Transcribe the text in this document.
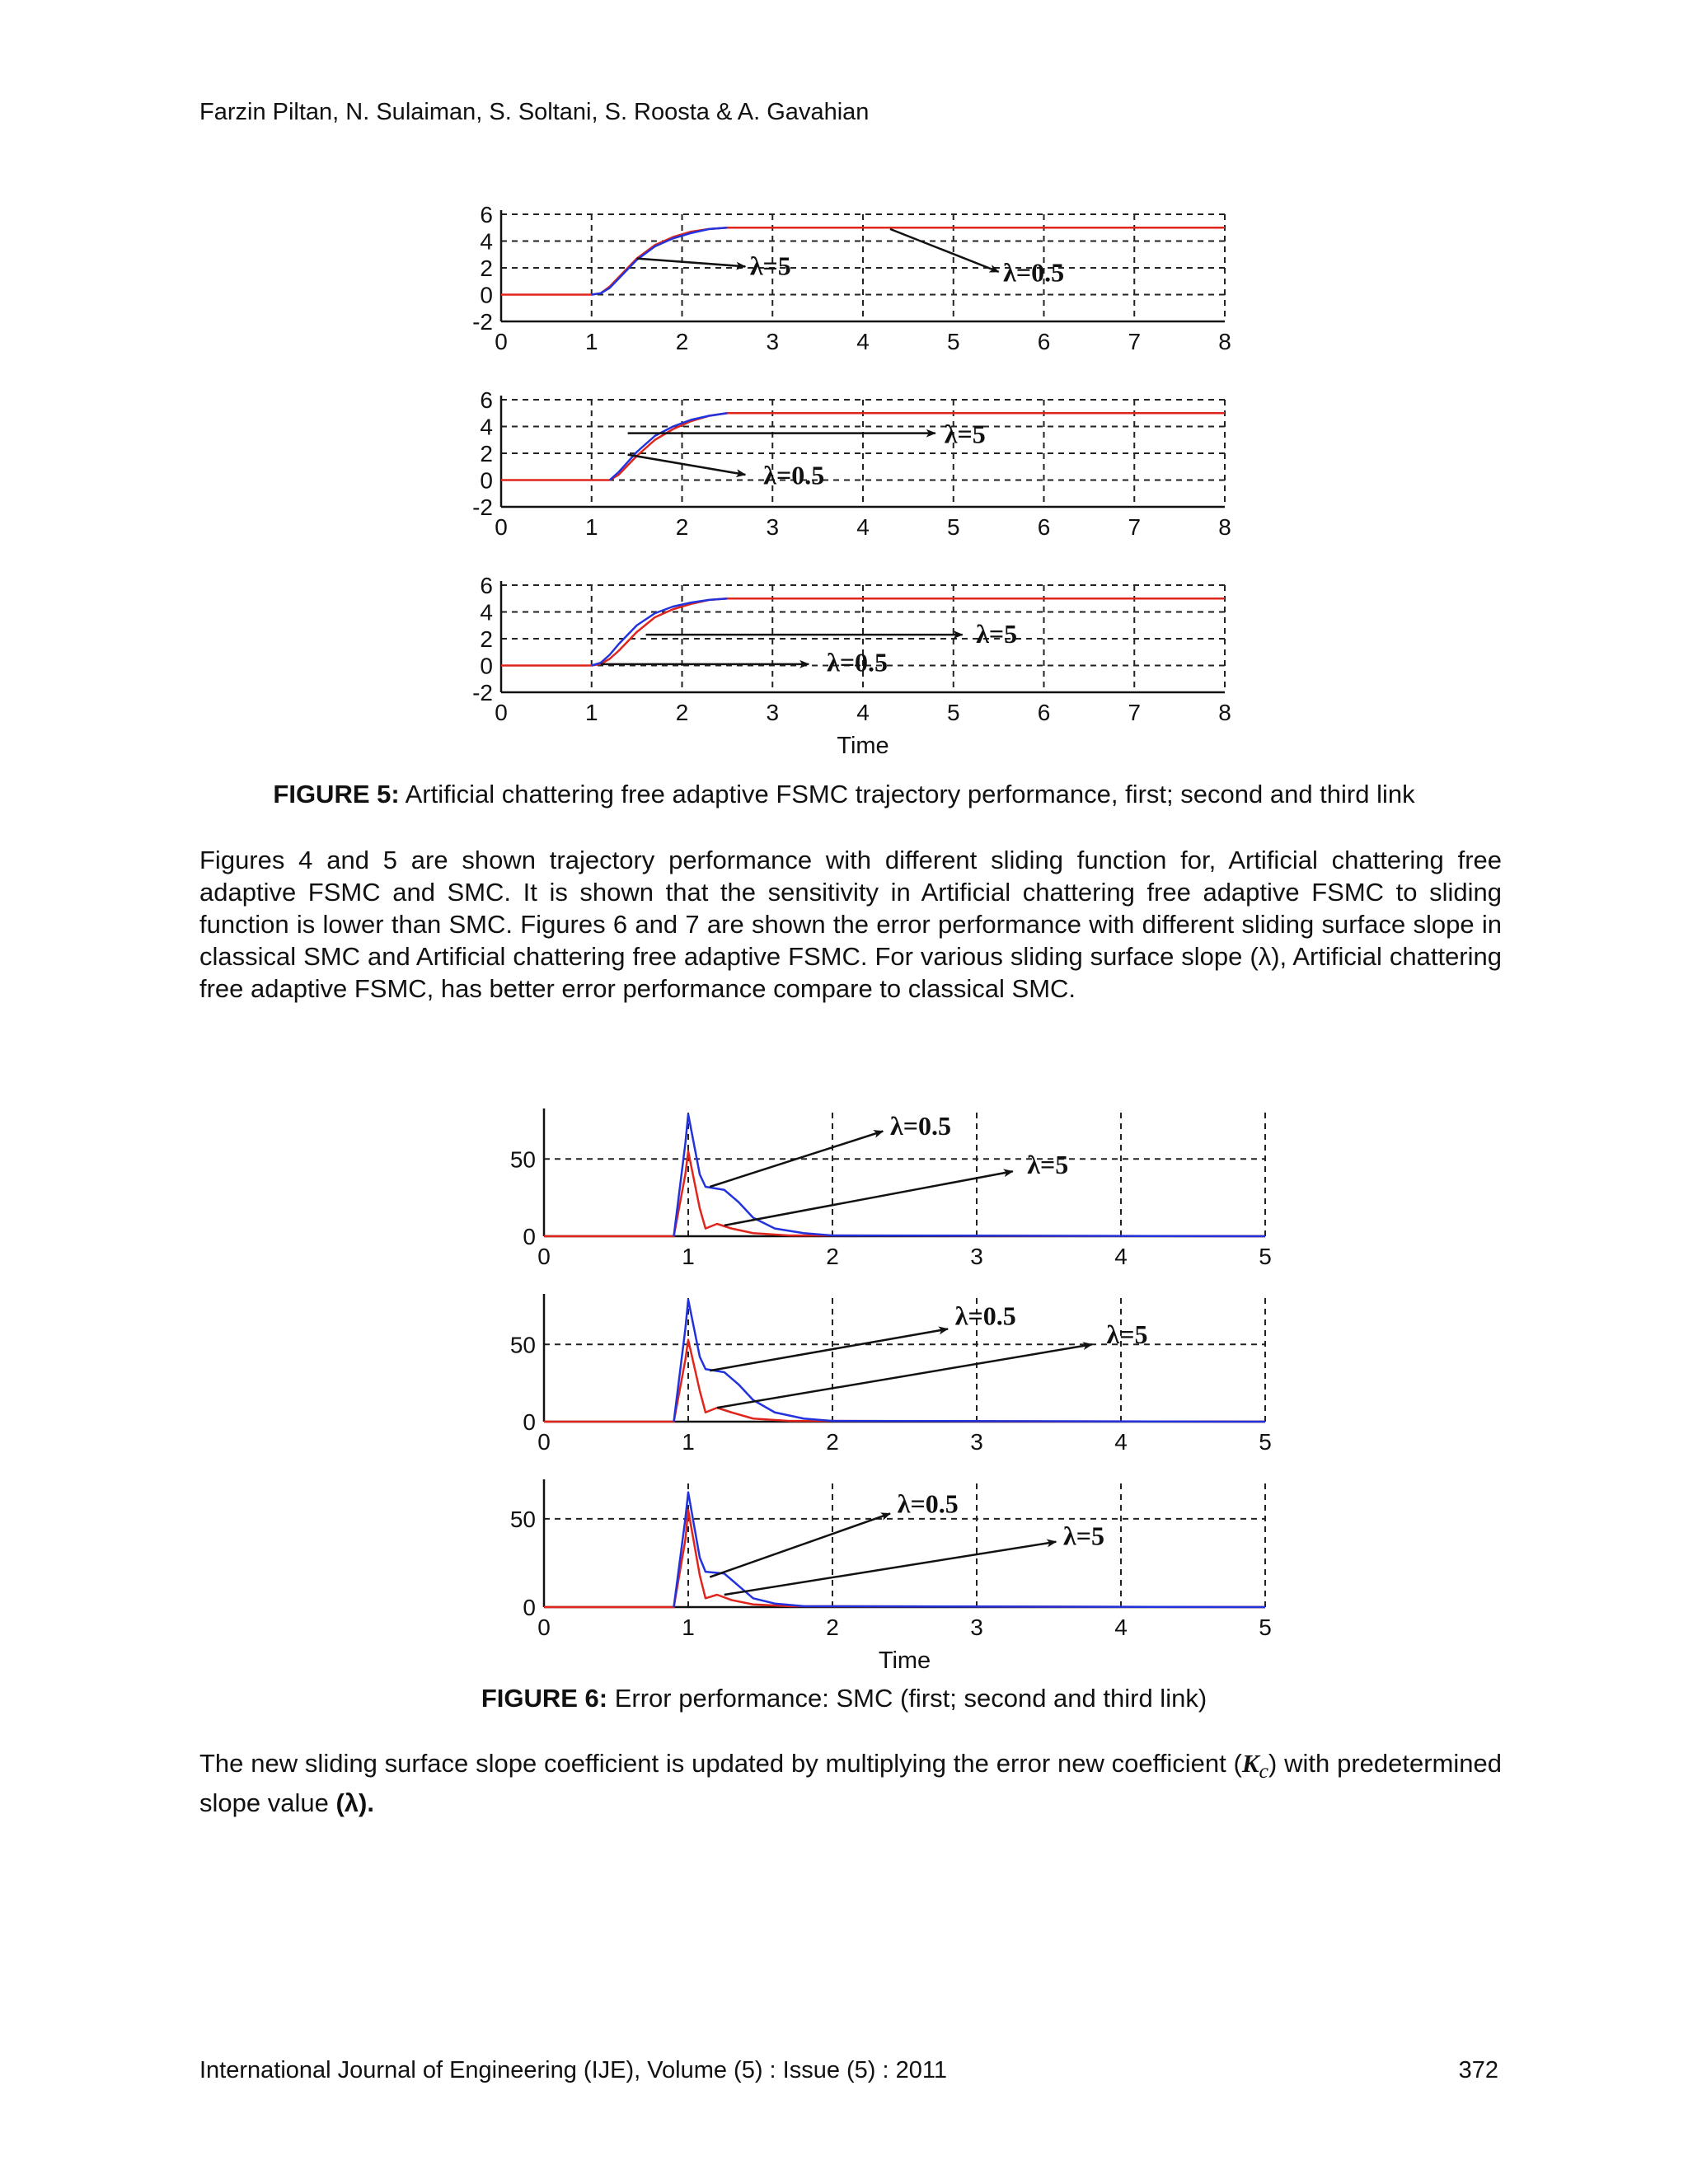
Farzin Piltan, N. Sulaiman, S. Soltani, S. Roosta & A. Gavahian
0	1	2	3	4	5	6	7	8
6
4
2
0
-2
λ=5	λ=0.5
0	1	2	3	4	5	6	7	8
6
4
2
0
-2
λ=5
λ=0.5
0	1	2	3	4	5	6	7	8
6
4
2
0
-2
λ=5
λ=0.5
Time
FIGURE 5: Artificial chattering free adaptive FSMC trajectory performance, first; second and third link
Figures 4 and 5 are shown trajectory performance with different sliding function for, Artificial chattering free adaptive FSMC and SMC. It is shown that the sensitivity in Artificial chattering free adaptive FSMC to sliding function is lower than SMC. Figures 6 and 7 are shown the error performance with different sliding surface slope in classical SMC and Artificial chattering free adaptive FSMC. For various sliding surface slope (λ), Artificial chattering free adaptive FSMC, has better error performance compare to classical SMC.
0	1	2	3	4	5
50
0
λ=0.5
λ=5
0	1	2	3	4	5
50
0
λ=0.5
λ=5
0	1	2	3	4	5
50
0
λ=0.5
λ=5
Time
FIGURE 6: Error performance: SMC (first; second and third link)
The new sliding surface slope coefficient is updated by multiplying the error new coefficient $(K_c)$ with predetermined slope value (λ).
International Journal of Engineering (IJE), Volume (5) : Issue (5) : 2011	372
